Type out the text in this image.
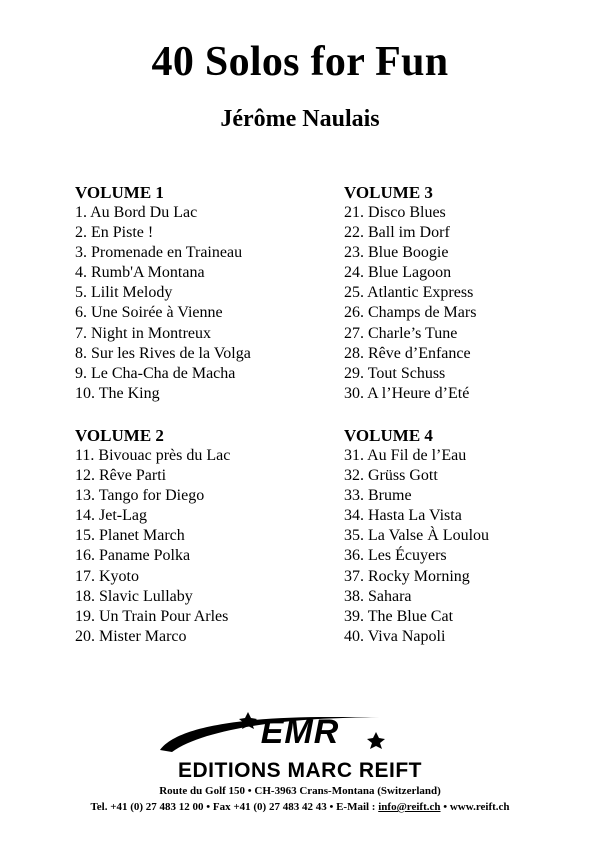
40 Solos for Fun
Jérôme Naulais
VOLUME 1
1. Au Bord Du Lac
2. En Piste !
3. Promenade en Traineau
4. Rumb'A Montana
5. Lilit Melody
6. Une Soirée à Vienne
7. Night in Montreux
8. Sur les Rives de la Volga
9. Le Cha-Cha de Macha
10. The King
VOLUME 2
11. Bivouac près du Lac
12. Rêve Parti
13. Tango for Diego
14. Jet-Lag
15. Planet March
16. Paname Polka
17. Kyoto
18. Slavic Lullaby
19. Un Train Pour Arles
20. Mister Marco
VOLUME 3
21. Disco Blues
22. Ball im Dorf
23. Blue Boogie
24. Blue Lagoon
25. Atlantic Express
26. Champs de Mars
27. Charle’s Tune
28. Rêve d’Enfance
29. Tout Schuss
30. A l’Heure d’Eté
VOLUME 4
31. Au Fil de l’Eau
32. Grüss Gott
33. Brume
34. Hasta La Vista
35. La Valse À Loulou
36. Les Écuyers
37. Rocky Morning
38. Sahara
39. The Blue Cat
40. Viva Napoli
EMR
EDITIONS MARC REIFT
Route du Golf 150 • CH-3963 Crans-Montana (Switzerland)
Tel. +41 (0) 27 483 12 00 • Fax +41 (0) 27 483 42 43 • E-Mail : info@reift.ch • www.reift.ch
